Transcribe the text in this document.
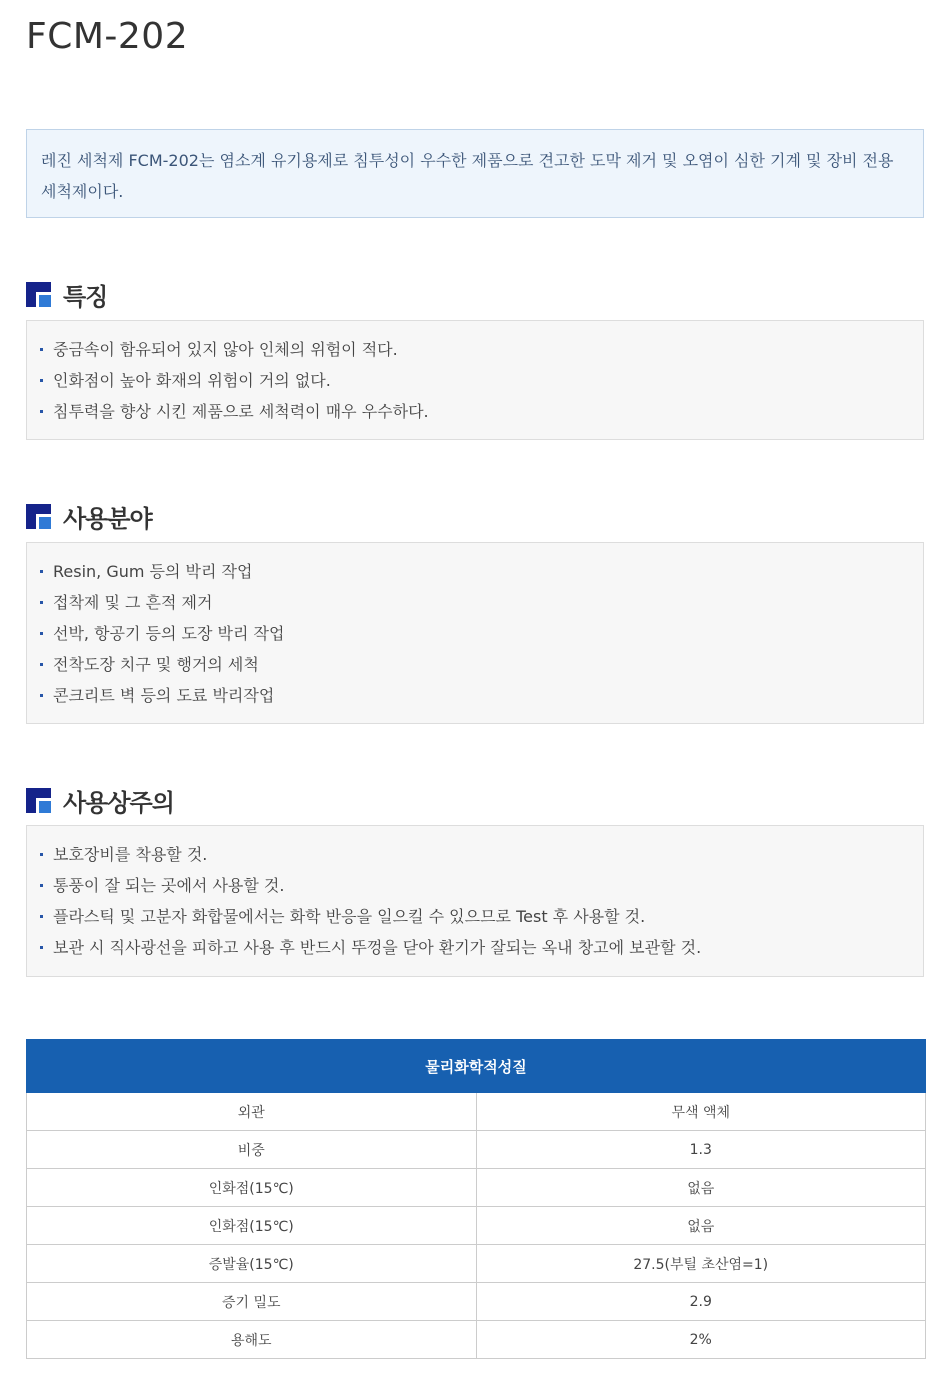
FCM-202
레진 세척제 FCM-202는 염소계 유기용제로 침투성이 우수한 제품으로 견고한 도막 제거 및 오염이 심한 기계 및 장비 전용 세척제이다.
특징
중금속이 함유되어 있지 않아 인체의 위험이 적다.
인화점이 높아 화재의 위험이 거의 없다.
침투력을 향상 시킨 제품으로 세척력이 매우 우수하다.
사용분야
Resin, Gum 등의 박리 작업
접착제 및 그 흔적 제거
선박, 항공기 등의 도장 박리 작업
전착도장 치구 및 행거의 세척
콘크리트 벽 등의 도료 박리작업
사용상주의
보호장비를 착용할 것.
통풍이 잘 되는 곳에서 사용할 것.
플라스틱 및 고분자 화합물에서는 화학 반응을 일으킬 수 있으므로 Test 후 사용할 것.
보관 시 직사광선을 피하고 사용 후 반드시 뚜껑을 닫아 환기가 잘되는 옥내 창고에 보관할 것.
물리화학적성질	
외관	무색 액체
비중	1.3
인화점(15℃)	없음
인화점(15℃)	없음
증발율(15℃)	27.5(부틸 초산염=1)
증기 밀도	2.9
용해도	2%
